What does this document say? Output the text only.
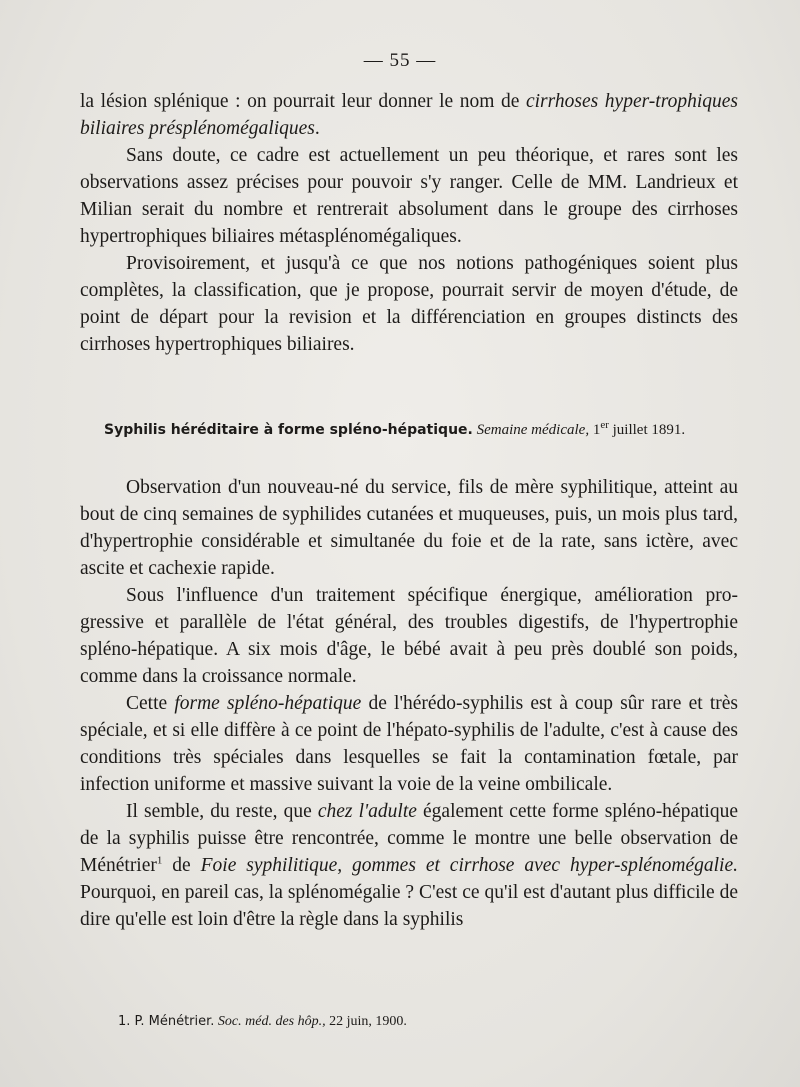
— 55 —

la lésion splénique : on pourrait leur donner le nom de cirrhoses hyper-trophiques biliaires présplénomégaliques.

Sans doute, ce cadre est actuellement un peu théorique, et rares sont les observations assez précises pour pouvoir s'y ranger. Celle de MM. Landrieux et Milian serait du nombre et rentrerait absolument dans le groupe des cirrhoses hypertrophiques biliaires métasplénomégaliques.

Provisoirement, et jusqu'à ce que nos notions pathogéniques soient plus complètes, la classification, que je propose, pourrait servir de moyen d'étude, de point de départ pour la revision et la différenciation en groupes distincts des cirrhoses hypertrophiques biliaires.

Syphilis héréditaire à forme spléno-hépatique. Semaine médicale, 1er juillet 1891.

Observation d'un nouveau-né du service, fils de mère syphilitique, atteint au bout de cinq semaines de syphilides cutanées et muqueuses, puis, un mois plus tard, d'hypertrophie considérable et simultanée du foie et de la rate, sans ictère, avec ascite et cachexie rapide.

Sous l'influence d'un traitement spécifique énergique, amélioration pro-gressive et parallèle de l'état général, des troubles digestifs, de l'hypertrophie spléno-hépatique. A six mois d'âge, le bébé avait à peu près doublé son poids, comme dans la croissance normale.

Cette forme spléno-hépatique de l'hérédo-syphilis est à coup sûr rare et très spéciale, et si elle diffère à ce point de l'hépato-syphilis de l'adulte, c'est à cause des conditions très spéciales dans lesquelles se fait la contamination fœtale, par infection uniforme et massive suivant la voie de la veine ombilicale.

Il semble, du reste, que chez l'adulte également cette forme spléno-hépatique de la syphilis puisse être rencontrée, comme le montre une belle observation de Ménétrier$^1$ de Foie syphilitique, gommes et cirrhose avec hyper-splénomégalie. Pourquoi, en pareil cas, la splénomégalie ? C'est ce qu'il est d'autant plus difficile de dire qu'elle est loin d'être la règle dans la syphilis

1. P. Ménétrier. Soc. méd. des hôp., 22 juin, 1900.
